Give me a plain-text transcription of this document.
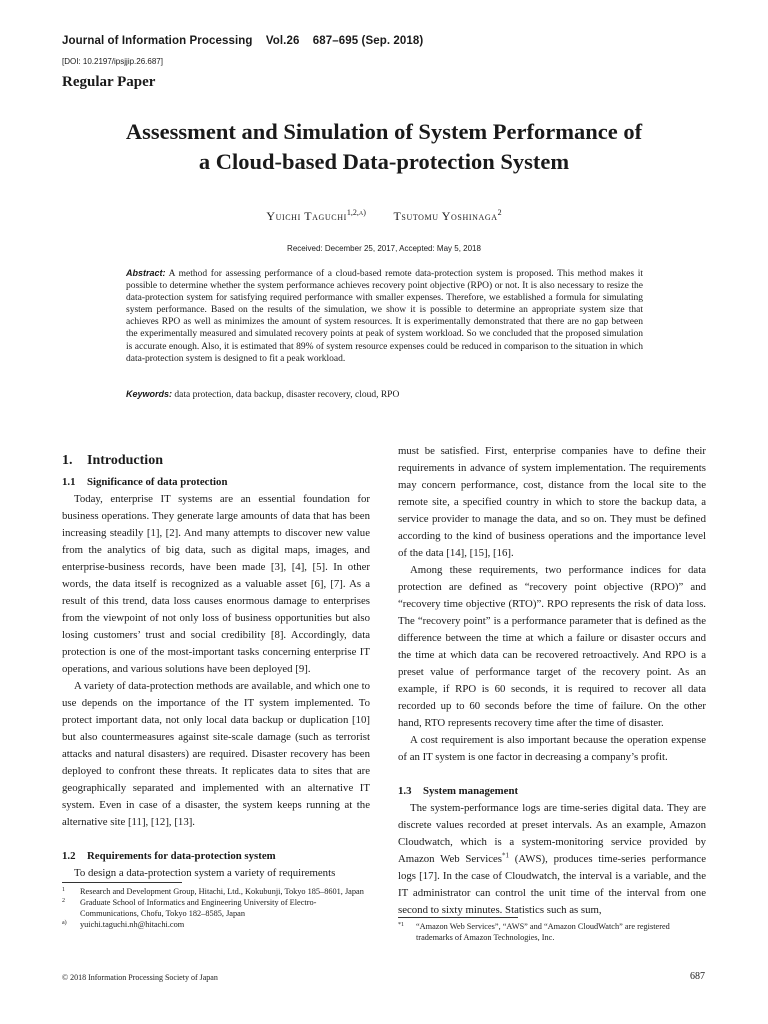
Journal of Information Processing Vol.26 687–695 (Sep. 2018)
[DOI: 10.2197/ipsjjip.26.687]
Regular Paper
Assessment and Simulation of System Performance of
a Cloud-based Data-protection System
Yuichi Taguchi$^{1,2,a)}$ Tsutomu Yoshinaga$^2$
Received: December 25, 2017, Accepted: May 5, 2018
Abstract: A method for assessing performance of a cloud-based remote data-protection system is proposed. This method makes it possible to determine whether the system performance achieves recovery point objective (RPO) or not. It is also necessary to resize the data-protection system for satisfying required performance with smaller expenses. Therefore, we established a formula for simulating system performance. Based on the results of the simulation, we show it is possible to determine an appropriate system size that achieves RPO as well as minimizes the amount of system resources. It is experimentally demonstrated that there are no gap between the experimentally measured and simulated recovery points at peak of system workload. So we concluded that the proposed simulation is accurate enough. Also, it is estimated that 89% of system resource expenses could be reduced in comparison to the situation in which data-protection system is designed to fit a peak workload.
Keywords: data protection, data backup, disaster recovery, cloud, RPO
1. Introduction
1.1 Significance of data protection

Today, enterprise IT systems are an essential foundation for business operations. They generate large amounts of data that has been increasing steadily [1], [2]. And many attempts to discover new value from the analytics of big data, such as digital maps, images, and enterprise-business records, have been made [3], [4], [5]. In other words, the data itself is recognized as a valuable asset [6], [7]. As a result of this trend, data loss causes enormous damage to enterprises from the viewpoint of not only loss of business opportunities but also losing customers’ trust and social credibility [8]. Accordingly, data protection is one of the most-important tasks concerning enterprise IT operations, and various solutions have been deployed [9].

A variety of data-protection methods are available, and which one to use depends on the importance of the IT system implemented. To protect important data, not only local data backup or duplication [10] but also countermeasures against site-scale damage (such as terrorist attacks and natural disasters) are required. Disaster recovery has been deployed to confront these threats. It replicates data to sites that are geographically separated and implemented with an alternative IT system. Even in case of a disaster, the system keeps running at the alternative site [11], [12], [13].

1.2 Requirements for data-protection system

To design a data-protection system a variety of requirements

must be satisfied. First, enterprise companies have to define their requirements in advance of system implementation. The requirements may concern performance, cost, distance from the local site to the remote site, a specified country in which to store the backup data, a service provider to manage the data, and so on. They must be defined according to the kind of business operations and the importance level of the data [14], [15], [16].

Among these requirements, two performance indices for data protection are defined as “recovery point objective (RPO)” and “recovery time objective (RTO)”. RPO represents the risk of data loss. The “recovery point” is a performance parameter that is defined as the difference between the time at which a failure or disaster occurs and the time at which data can be recovered retroactively. And RPO is a preset value of performance target of the recovery point. As an example, if RPO is 60 seconds, it is required to recover all data recorded up to 60 seconds before the time of failure. On the other hand, RTO represents recovery time after the time of disaster.

A cost requirement is also important because the operation expense of an IT system is one factor in decreasing a company’s profit.

1.3 System management

The system-performance logs are time-series digital data. They are discrete values recorded at preset intervals. As an example, Amazon Cloudwatch, which is a system-monitoring service provided by Amazon Web Services$^{*1}$ (AWS), produces time-series performance logs [17]. In the case of Cloudwatch, the interval is a variable, and the IT administrator can control the unit time of the interval from one second to sixty minutes. Statistics such as sum,

1 Research and Development Group, Hitachi, Ltd., Kokubunji, Tokyo 185–8601, Japan
2 Graduate School of Informatics and Engineering University of Electro-Communications, Chofu, Tokyo 182–8585, Japan
a) yuichi.taguchi.nh@hitachi.com	*1 “Amazon Web Services”, “AWS” and “Amazon CloudWatch” are registered trademarks of Amazon Technologies, Inc.
© 2018 Information Processing Society of Japan	687
